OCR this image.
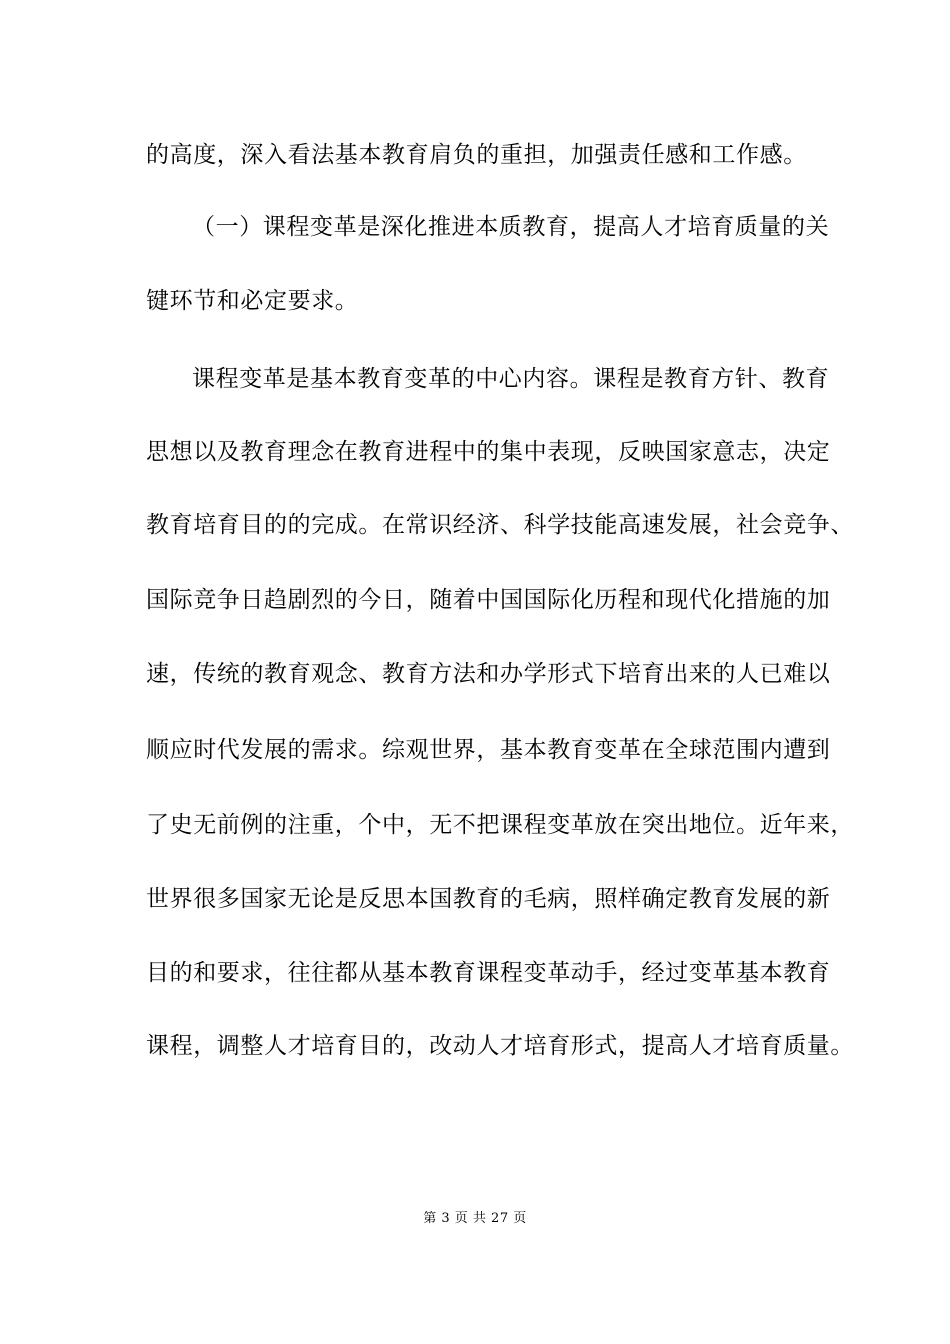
的高度，深入看法基本教育肩负的重担，加强责任感和工作感。
（一）课程变革是深化推进本质教育，提高人才培育质量的关
键环节和必定要求。
课程变革是基本教育变革的中心内容。课程是教育方针、教育
思想以及教育理念在教育进程中的集中表现，反映国家意志，决定
教育培育目的的完成。在常识经济、科学技能高速发展，社会竞争、
国际竞争日趋剧烈的今日，随着中国国际化历程和现代化措施的加
速，传统的教育观念、教育方法和办学形式下培育出来的人已难以
顺应时代发展的需求。综观世界，基本教育变革在全球范围内遭到
了史无前例的注重，个中，无不把课程变革放在突出地位。近年来，
世界很多国家无论是反思本国教育的毛病，照样确定教育发展的新
目的和要求，往往都从基本教育课程变革动手，经过变革基本教育
课程，调整人才培育目的，改动人才培育形式，提高人才培育质量。
第 3 页 共 27 页
